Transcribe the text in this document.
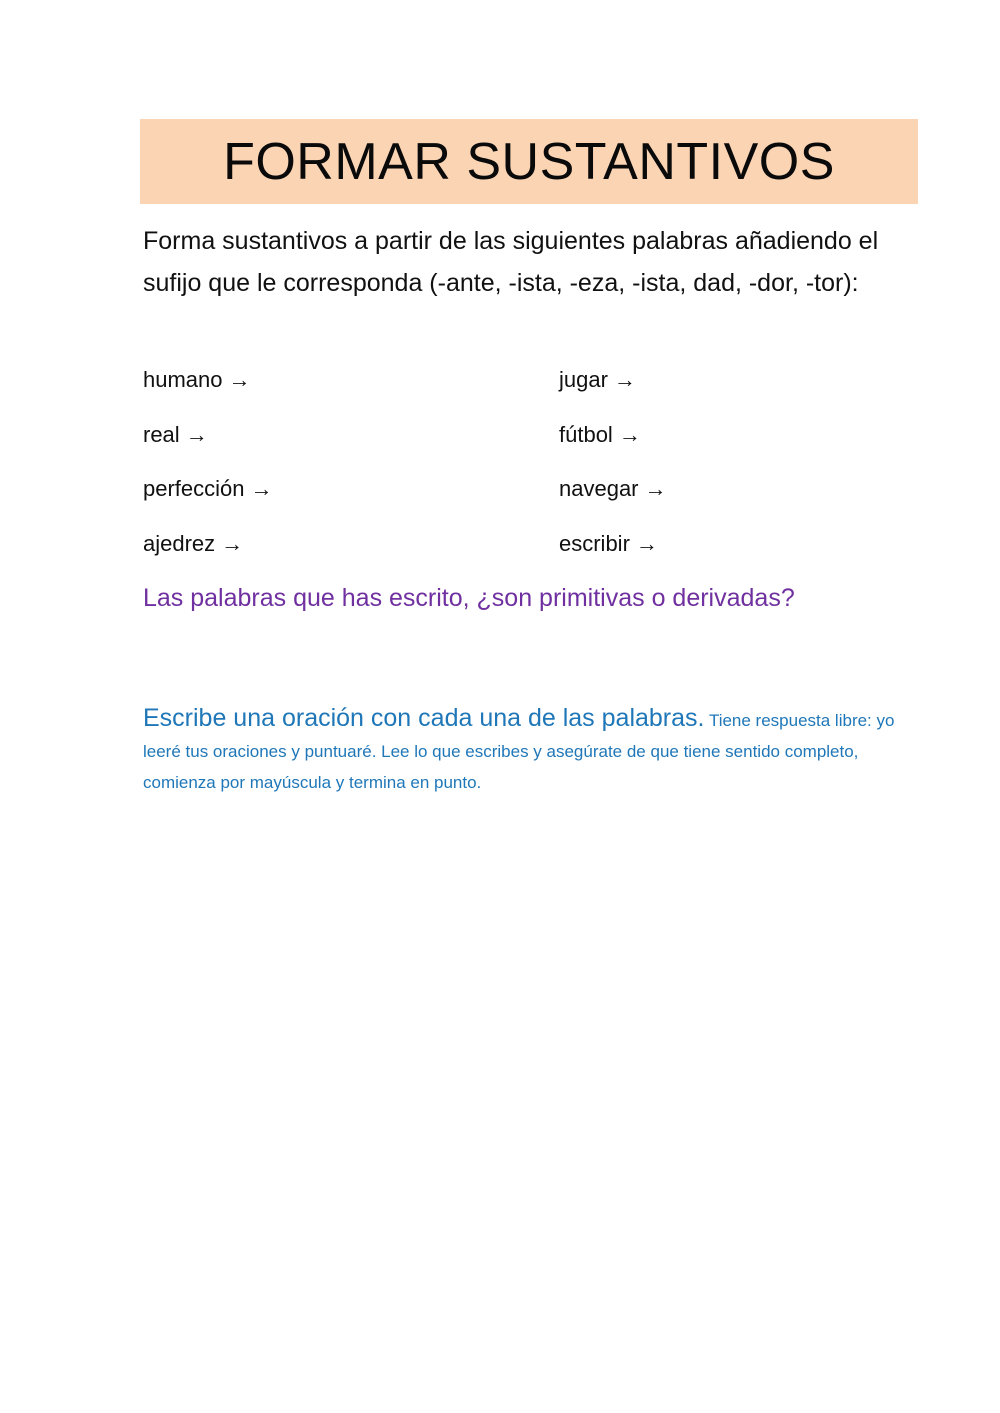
FORMAR SUSTANTIVOS
Forma sustantivos a partir de las siguientes palabras añadiendo el sufijo que le corresponda (-ante, -ista, -eza, -ista, dad, -dor, -tor):
humano →
real →
perfección →
ajedrez →
jugar →
fútbol →
navegar →
escribir →
Las palabras que has escrito, ¿son primitivas o derivadas?
Escribe una oración con cada una de las palabras. Tiene respuesta libre: yo leeré tus oraciones y puntuaré. Lee lo que escribes y asegúrate de que tiene sentido completo, comienza por mayúscula y termina en punto.
